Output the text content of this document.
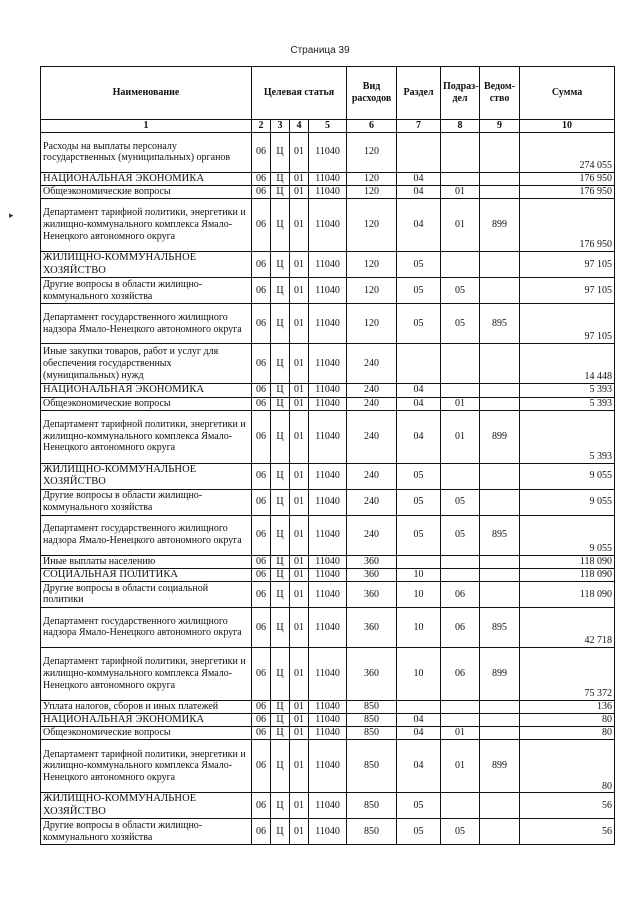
Страница 39
▸
Наименование	Целевая статья				Вид расходов	Раздел	Подраз-дел	Ведом-ство	Сумма
1	2	3	4	5	6	7	8	9	10
Расходы на выплаты персоналу государственных (муниципальных) органов	06	Ц	01	11040	120				274 055
НАЦИОНАЛЬНАЯ ЭКОНОМИКА	06	Ц	01	11040	120	04			176 950
Общеэкономические вопросы	06	Ц	01	11040	120	04	01		176 950
Департамент тарифной политики, энергетики и жилищно-коммунального комплекса Ямало-Ненецкого автономного округа	06	Ц	01	11040	120	04	01	899	176 950
ЖИЛИЩНО-КОММУНАЛЬНОЕ ХОЗЯЙСТВО	06	Ц	01	11040	120	05			97 105
Другие вопросы в области жилищно-коммунального хозяйства	06	Ц	01	11040	120	05	05		97 105
Департамент государственного жилищного надзора Ямало-Ненецкого автономного округа	06	Ц	01	11040	120	05	05	895	97 105
Иные закупки товаров, работ и услуг для обеспечения государственных (муниципальных) нужд	06	Ц	01	11040	240				14 448
НАЦИОНАЛЬНАЯ ЭКОНОМИКА	06	Ц	01	11040	240	04			5 393
Общеэкономические вопросы	06	Ц	01	11040	240	04	01		5 393
Департамент тарифной политики, энергетики и жилищно-коммунального комплекса Ямало-Ненецкого автономного округа	06	Ц	01	11040	240	04	01	899	5 393
ЖИЛИЩНО-КОММУНАЛЬНОЕ ХОЗЯЙСТВО	06	Ц	01	11040	240	05			9 055
Другие вопросы в области жилищно-коммунального хозяйства	06	Ц	01	11040	240	05	05		9 055
Департамент государственного жилищного надзора Ямало-Ненецкого автономного округа	06	Ц	01	11040	240	05	05	895	9 055
Иные выплаты населению	06	Ц	01	11040	360				118 090
СОЦИАЛЬНАЯ ПОЛИТИКА	06	Ц	01	11040	360	10			118 090
Другие вопросы в области социальной политики	06	Ц	01	11040	360	10	06		118 090
Департамент государственного жилищного надзора Ямало-Ненецкого автономного округа	06	Ц	01	11040	360	10	06	895	42 718
Департамент тарифной политики, энергетики и жилищно-коммунального комплекса Ямало-Ненецкого автономного округа	06	Ц	01	11040	360	10	06	899	75 372
Уплата налогов, сборов и иных платежей	06	Ц	01	11040	850				136
НАЦИОНАЛЬНАЯ ЭКОНОМИКА	06	Ц	01	11040	850	04			80
Общеэкономические вопросы	06	Ц	01	11040	850	04	01		80
Департамент тарифной политики, энергетики и жилищно-коммунального комплекса Ямало-Ненецкого автономного округа	06	Ц	01	11040	850	04	01	899	80
ЖИЛИЩНО-КОММУНАЛЬНОЕ ХОЗЯЙСТВО	06	Ц	01	11040	850	05			56
Другие вопросы в области жилищно-коммунального хозяйства	06	Ц	01	11040	850	05	05		56
